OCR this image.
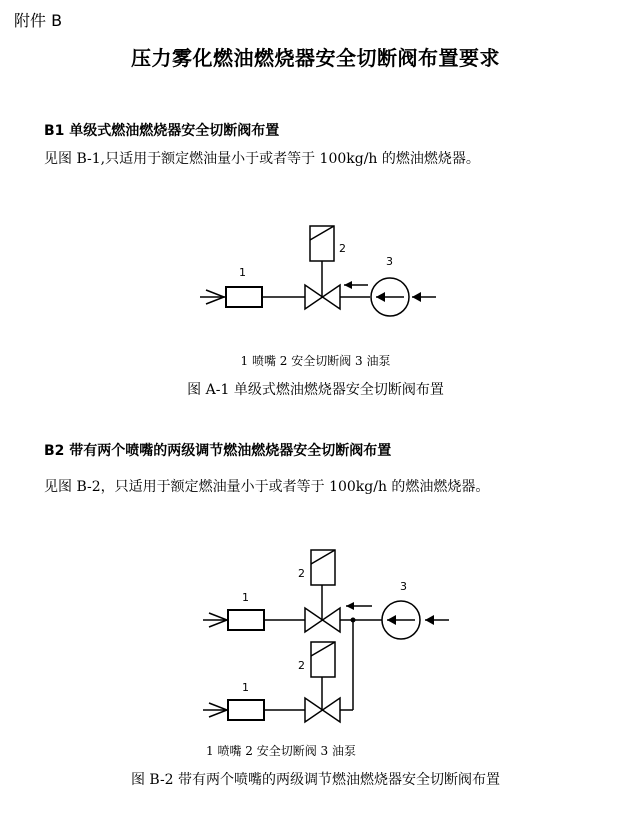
附件 B
压力雾化燃油燃烧器安全切断阀布置要求
B1 单级式燃油燃烧器安全切断阀布置
见图 B-1,只适用于额定燃油量小于或者等于 100kg/h 的燃油燃烧器。
1
2
3
1 喷嘴 2 安全切断阀 3 油泵
图 A-1 单级式燃油燃烧器安全切断阀布置
B2 带有两个喷嘴的两级调节燃油燃烧器安全切断阀布置
见图 B-2，只适用于额定燃油量小于或者等于 100kg/h 的燃油燃烧器。
1
2
3
1
2
1 喷嘴 2 安全切断阀 3 油泵
图 B-2 带有两个喷嘴的两级调节燃油燃烧器安全切断阀布置
